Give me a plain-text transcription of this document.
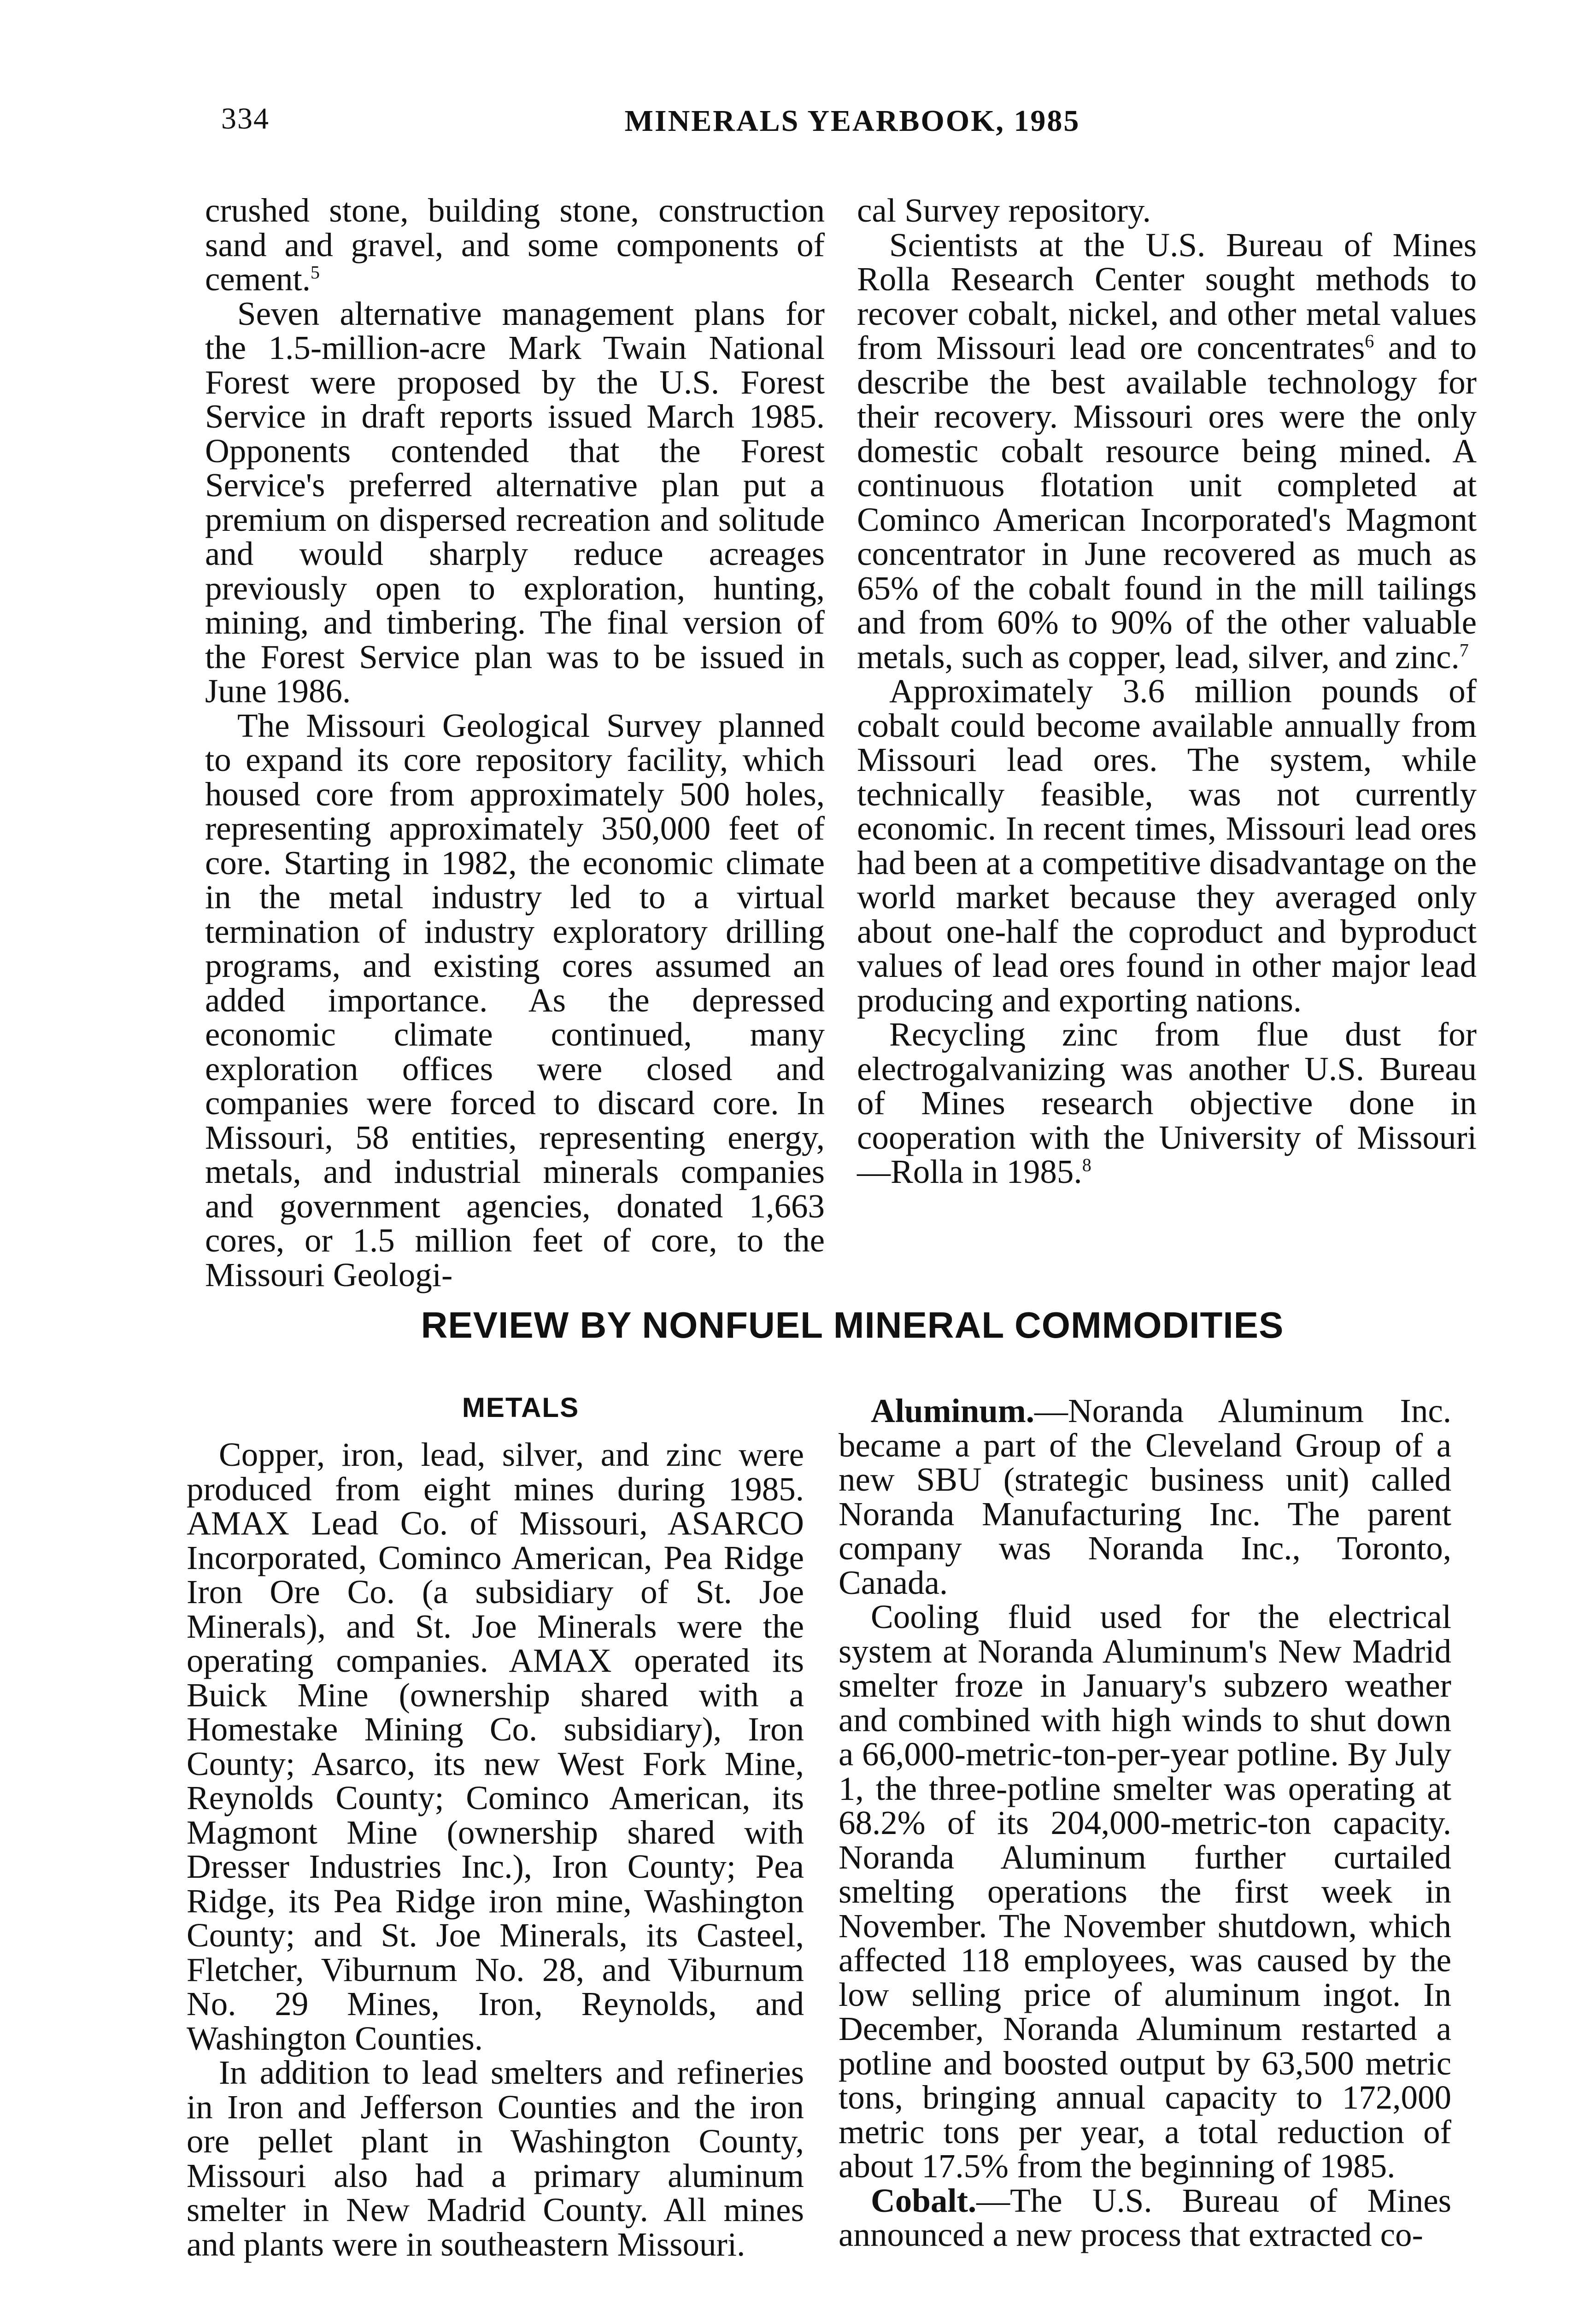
334	MINERALS YEARBOOK, 1985

crushed stone, building stone, construction sand and gravel, and some components of cement.$^5$

Seven alternative management plans for the 1.5-million-acre Mark Twain National Forest were proposed by the U.S. Forest Service in draft reports issued March 1985. Opponents contended that the Forest Service's preferred alternative plan put a premium on dispersed recreation and solitude and would sharply reduce acreages previously open to exploration, hunting, mining, and timbering. The final version of the Forest Service plan was to be issued in June 1986.

The Missouri Geological Survey planned to expand its core repository facility, which housed core from approximately 500 holes, representing approximately 350,000 feet of core. Starting in 1982, the economic climate in the metal industry led to a virtual termination of industry exploratory drilling programs, and existing cores assumed an added importance. As the depressed economic climate continued, many exploration offices were closed and companies were forced to discard core. In Missouri, 58 entities, representing energy, metals, and industrial minerals companies and government agencies, donated 1,663 cores, or 1.5 million feet of core, to the Missouri Geologi-

cal Survey repository.

Scientists at the U.S. Bureau of Mines Rolla Research Center sought methods to recover cobalt, nickel, and other metal values from Missouri lead ore concentrates$^6$ and to describe the best available technology for their recovery. Missouri ores were the only domestic cobalt resource being mined. A continuous flotation unit completed at Cominco American Incorporated's Magmont concentrator in June recovered as much as 65% of the cobalt found in the mill tailings and from 60% to 90% of the other valuable metals, such as copper, lead, silver, and zinc.$^7$

Approximately 3.6 million pounds of cobalt could become available annually from Missouri lead ores. The system, while technically feasible, was not currently economic. In recent times, Missouri lead ores had been at a competitive disadvantage on the world market because they averaged only about one-half the coproduct and byproduct values of lead ores found in other major lead producing and exporting nations.

Recycling zinc from flue dust for electrogalvanizing was another U.S. Bureau of Mines research objective done in cooperation with the University of Missouri—Rolla in 1985.$^8$

REVIEW BY NONFUEL MINERAL COMMODITIES
METALS

Copper, iron, lead, silver, and zinc were produced from eight mines during 1985. AMAX Lead Co. of Missouri, ASARCO Incorporated, Cominco American, Pea Ridge Iron Ore Co. (a subsidiary of St. Joe Minerals), and St. Joe Minerals were the operating companies. AMAX operated its Buick Mine (ownership shared with a Homestake Mining Co. subsidiary), Iron County; Asarco, its new West Fork Mine, Reynolds County; Cominco American, its Magmont Mine (ownership shared with Dresser Industries Inc.), Iron County; Pea Ridge, its Pea Ridge iron mine, Washington County; and St. Joe Minerals, its Casteel, Fletcher, Viburnum No. 28, and Viburnum No. 29 Mines, Iron, Reynolds, and Washington Counties.

In addition to lead smelters and refineries in Iron and Jefferson Counties and the iron ore pellet plant in Washington County, Missouri also had a primary aluminum smelter in New Madrid County. All mines and plants were in southeastern Missouri.

Aluminum.—Noranda Aluminum Inc. became a part of the Cleveland Group of a new SBU (strategic business unit) called Noranda Manufacturing Inc. The parent company was Noranda Inc., Toronto, Canada.

Cooling fluid used for the electrical system at Noranda Aluminum's New Madrid smelter froze in January's subzero weather and combined with high winds to shut down a 66,000-metric-ton-per-year potline. By July 1, the three-potline smelter was operating at 68.2% of its 204,000-metric-ton capacity. Noranda Aluminum further curtailed smelting operations the first week in November. The November shutdown, which affected 118 employees, was caused by the low selling price of aluminum ingot. In December, Noranda Aluminum restarted a potline and boosted output by 63,500 metric tons, bringing annual capacity to 172,000 metric tons per year, a total reduction of about 17.5% from the beginning of 1985.

Cobalt.—The U.S. Bureau of Mines announced a new process that extracted co-
